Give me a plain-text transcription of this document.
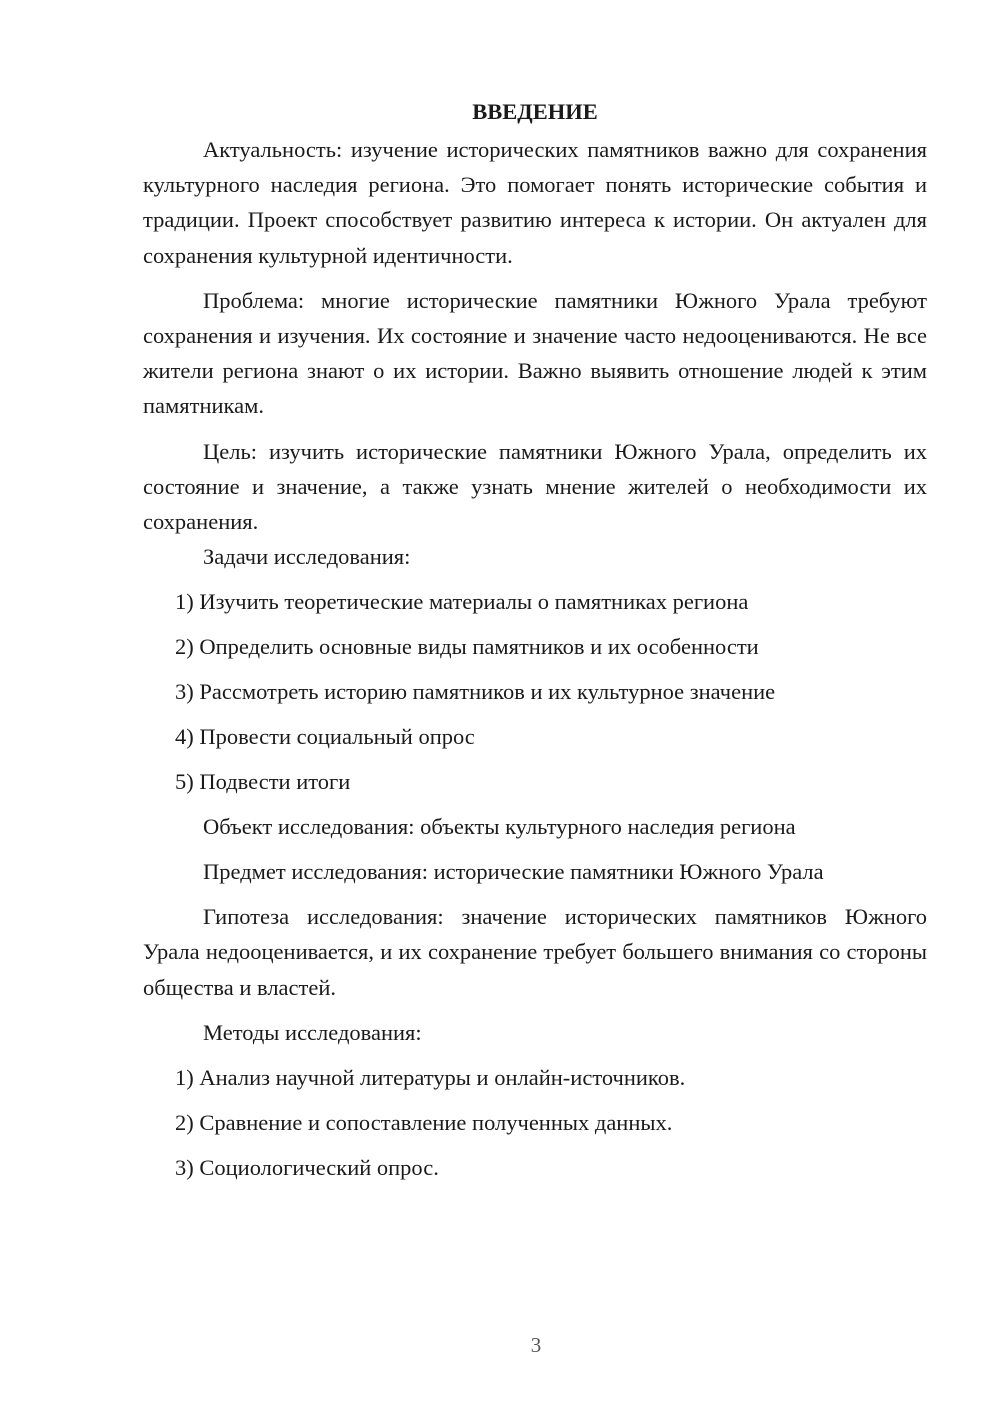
ВВЕДЕНИЕ

Актуальность: изучение исторических памятников важно для сохранения культурного наследия региона. Это помогает понять исторические события и традиции. Проект способствует развитию интереса к истории. Он актуален для сохранения культурной идентичности.

Проблема: многие исторические памятники Южного Урала требуют сохранения и изучения. Их состояние и значение часто недооцениваются. Не все жители региона знают о их истории. Важно выявить отношение людей к этим памятникам.

Цель: изучить исторические памятники Южного Урала, определить их состояние и значение, а также узнать мнение жителей о необходимости их сохранения.

Задачи исследования:

1) Изучить теоретические материалы о памятниках региона

2) Определить основные виды памятников и их особенности

3) Рассмотреть историю памятников и их культурное значение

4) Провести социальный опрос

5) Подвести итоги

Объект исследования: объекты культурного наследия региона

Предмет исследования: исторические памятники Южного Урала

Гипотеза исследования: значение исторических памятников Южного Урала недооценивается, и их сохранение требует большего внимания со стороны общества и властей.

Методы исследования:

1) Анализ научной литературы и онлайн-источников.

2) Сравнение и сопоставление полученных данных.

3) Социологический опрос.

3
